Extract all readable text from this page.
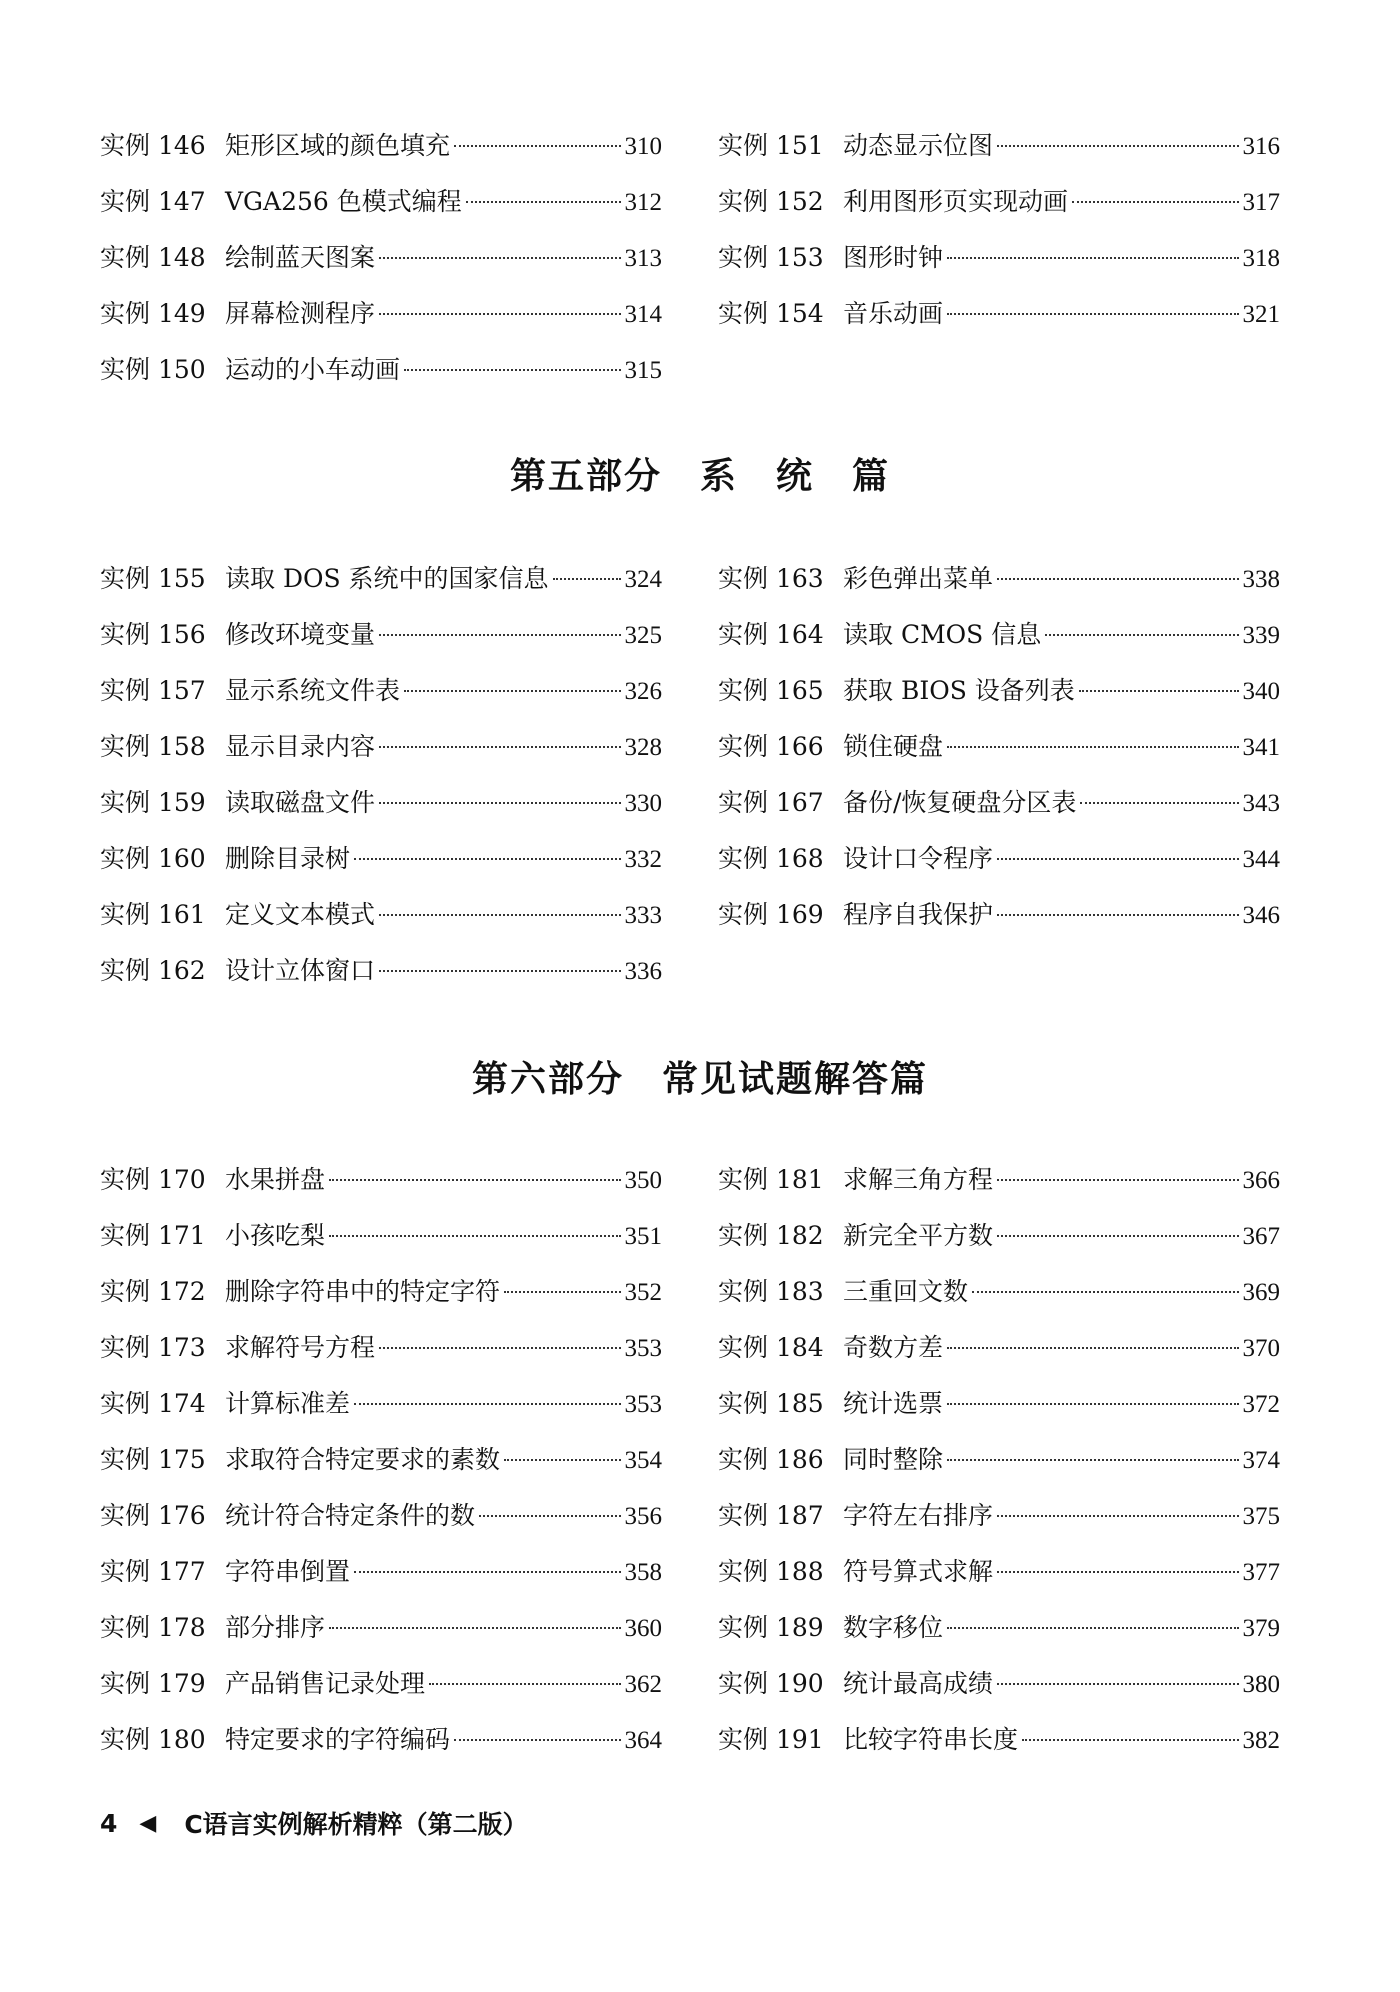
实例 146 矩形区域的颜色填充	310
实例 147 VGA256 色模式编程	312
实例 148 绘制蓝天图案	313
实例 149 屏幕检测程序	314
实例 150 运动的小车动画	315
实例 151 动态显示位图	316
实例 152 利用图形页实现动画	317
实例 153 图形时钟	318
实例 154 音乐动画	321
第五部分　系　统　篇
实例 155 读取 DOS 系统中的国家信息	324
实例 156 修改环境变量	325
实例 157 显示系统文件表	326
实例 158 显示目录内容	328
实例 159 读取磁盘文件	330
实例 160 删除目录树	332
实例 161 定义文本模式	333
实例 162 设计立体窗口	336
实例 163 彩色弹出菜单	338
实例 164 读取 CMOS 信息	339
实例 165 获取 BIOS 设备列表	340
实例 166 锁住硬盘	341
实例 167 备份/恢复硬盘分区表	343
实例 168 设计口令程序	344
实例 169 程序自我保护	346
第六部分　常见试题解答篇
实例 170 水果拼盘	350
实例 171 小孩吃梨	351
实例 172 删除字符串中的特定字符	352
实例 173 求解符号方程	353
实例 174 计算标准差	353
实例 175 求取符合特定要求的素数	354
实例 176 统计符合特定条件的数	356
实例 177 字符串倒置	358
实例 178 部分排序	360
实例 179 产品销售记录处理	362
实例 180 特定要求的字符编码	364
实例 181 求解三角方程	366
实例 182 新完全平方数	367
实例 183 三重回文数	369
实例 184 奇数方差	370
实例 185 统计选票	372
实例 186 同时整除	374
实例 187 字符左右排序	375
实例 188 符号算式求解	377
实例 189 数字移位	379
实例 190 统计最高成绩	380
实例 191 比较字符串长度	382
4 ◀ C语言实例解析精粹（第二版）
